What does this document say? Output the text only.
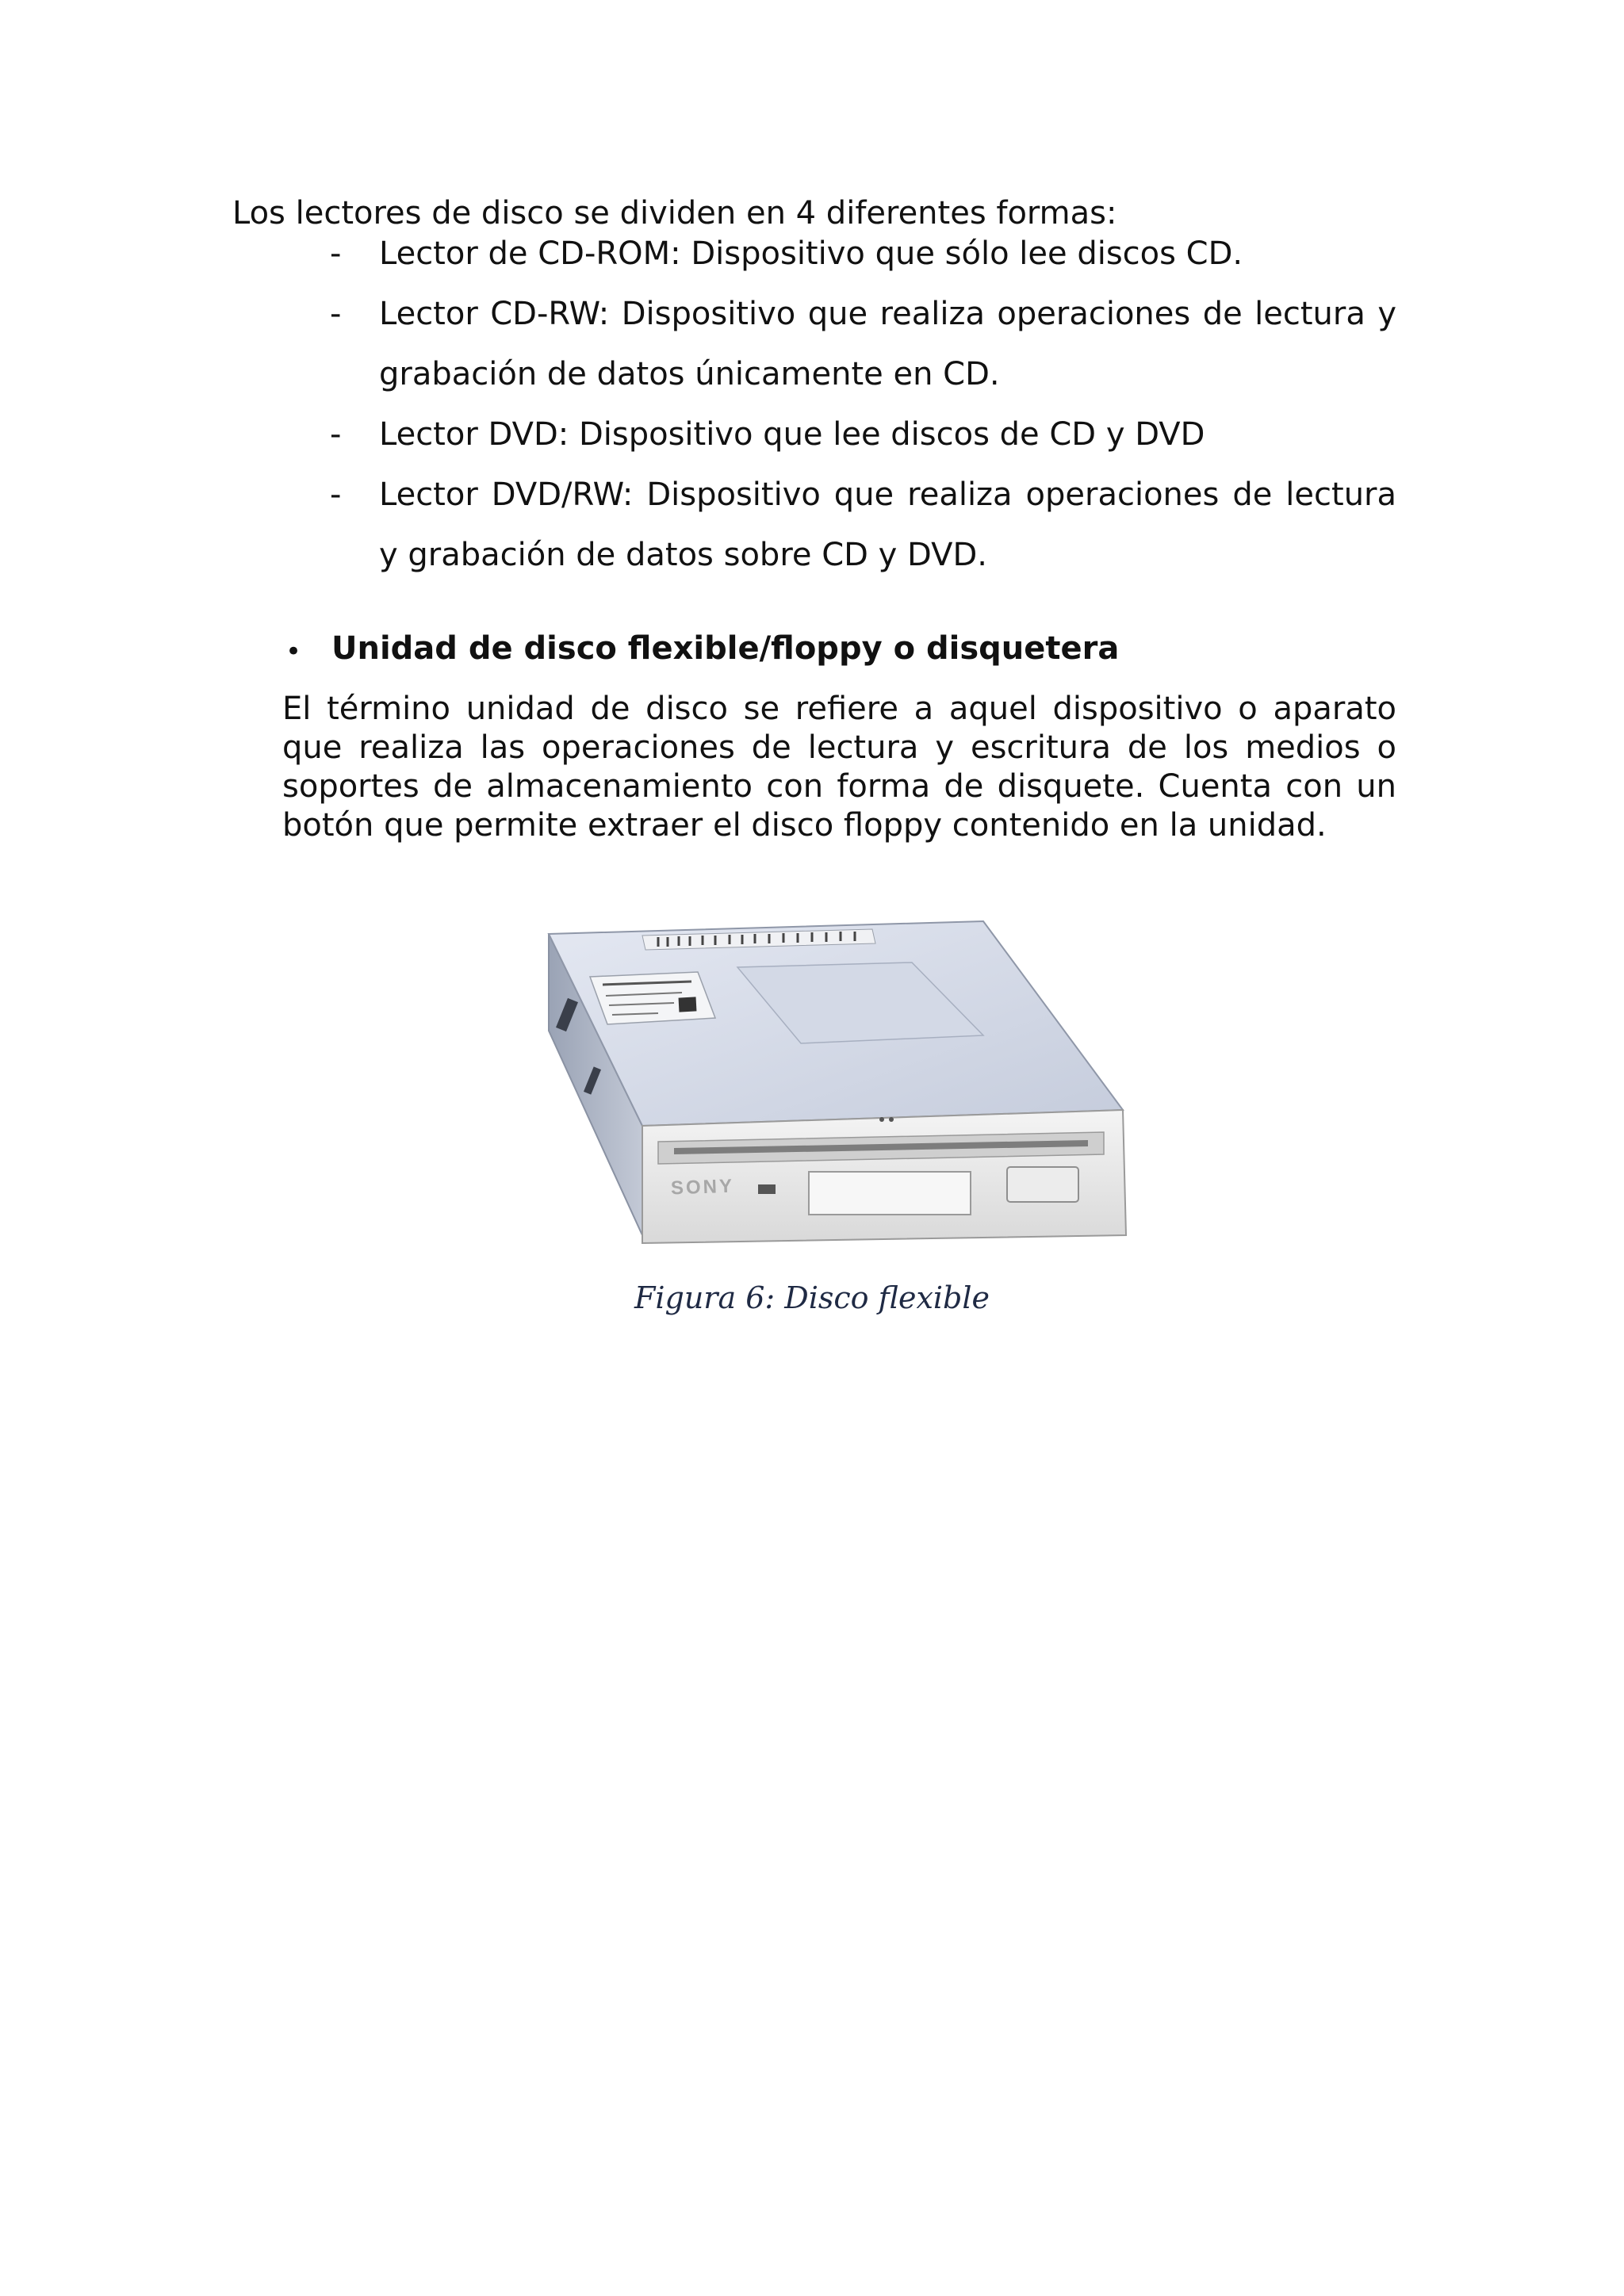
Los lectores de disco se dividen en 4 diferentes formas:

- Lector de CD-ROM: Dispositivo que sólo lee discos CD.

- Lector CD-RW: Dispositivo que realiza operaciones de lectura y grabación de datos únicamente en CD.

- Lector DVD: Dispositivo que lee discos de CD y DVD

- Lector DVD/RW: Dispositivo que realiza operaciones de lectura y grabación de datos sobre CD y DVD.

• Unidad de disco flexible/floppy o disquetera

El término unidad de disco se refiere a aquel dispositivo o aparato que realiza las operaciones de lectura y escritura de los medios o soportes de almacenamiento con forma de disquete. Cuenta con un botón que permite extraer el disco floppy contenido en la unidad.

SONY

Figura 6: Disco flexible
